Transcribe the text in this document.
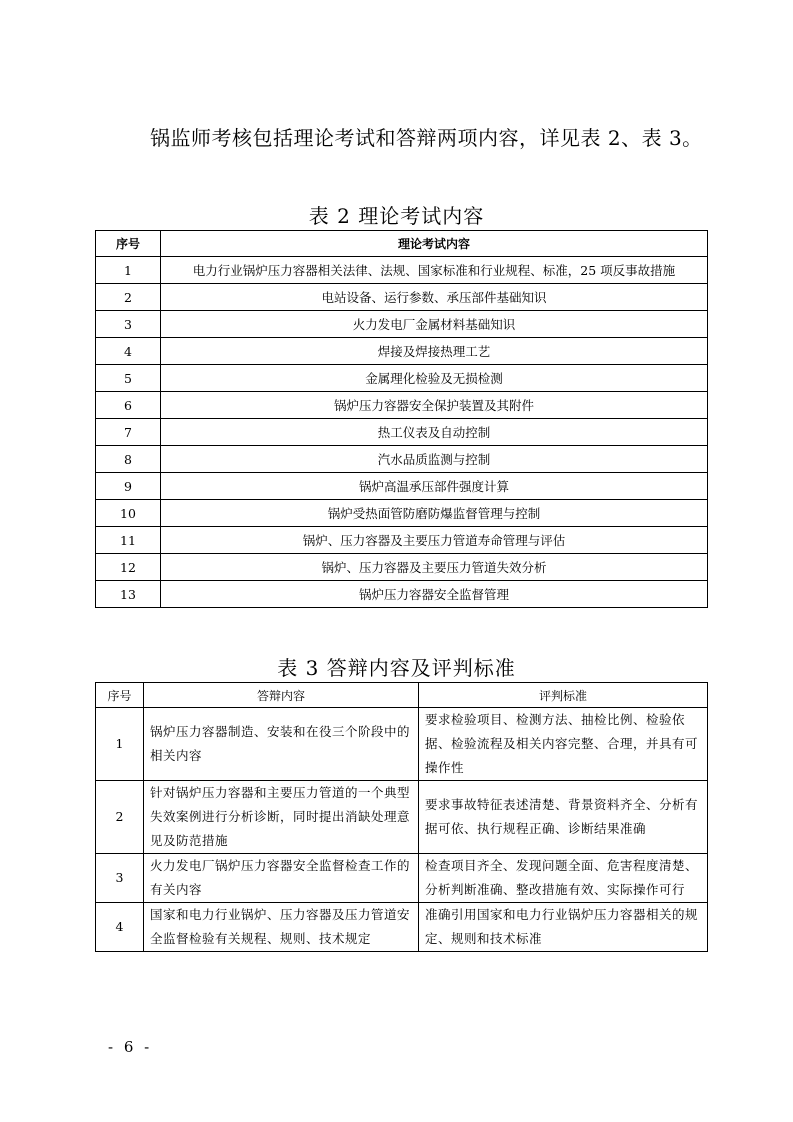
锅监师考核包括理论考试和答辩两项内容，详见表 2、表 3。
表 2 理论考试内容
序号	理论考试内容
1	电力行业锅炉压力容器相关法律、法规、国家标准和行业规程、标准，25 项反事故措施
2	电站设备、运行参数、承压部件基础知识
3	火力发电厂金属材料基础知识
4	焊接及焊接热理工艺
5	金属理化检验及无损检测
6	锅炉压力容器安全保护装置及其附件
7	热工仪表及自动控制
8	汽水品质监测与控制
9	锅炉高温承压部件强度计算
10	锅炉受热面管防磨防爆监督管理与控制
11	锅炉、压力容器及主要压力管道寿命管理与评估
12	锅炉、压力容器及主要压力管道失效分析
13	锅炉压力容器安全监督管理
表 3 答辩内容及评判标准
序号	答辩内容	评判标准
1	锅炉压力容器制造、安装和在役三个阶段中的相关内容	要求检验项目、检测方法、抽检比例、检验依据、检验流程及相关内容完整、合理，并具有可操作性
2	针对锅炉压力容器和主要压力管道的一个典型失效案例进行分析诊断，同时提出消缺处理意见及防范措施	要求事故特征表述清楚、背景资料齐全、分析有据可依、执行规程正确、诊断结果准确
3	火力发电厂锅炉压力容器安全监督检查工作的有关内容	检查项目齐全、发现问题全面、危害程度清楚、分析判断准确、整改措施有效、实际操作可行
4	国家和电力行业锅炉、压力容器及压力管道安全监督检验有关规程、规则、技术规定	准确引用国家和电力行业锅炉压力容器相关的规定、规则和技术标准
- 6 -
